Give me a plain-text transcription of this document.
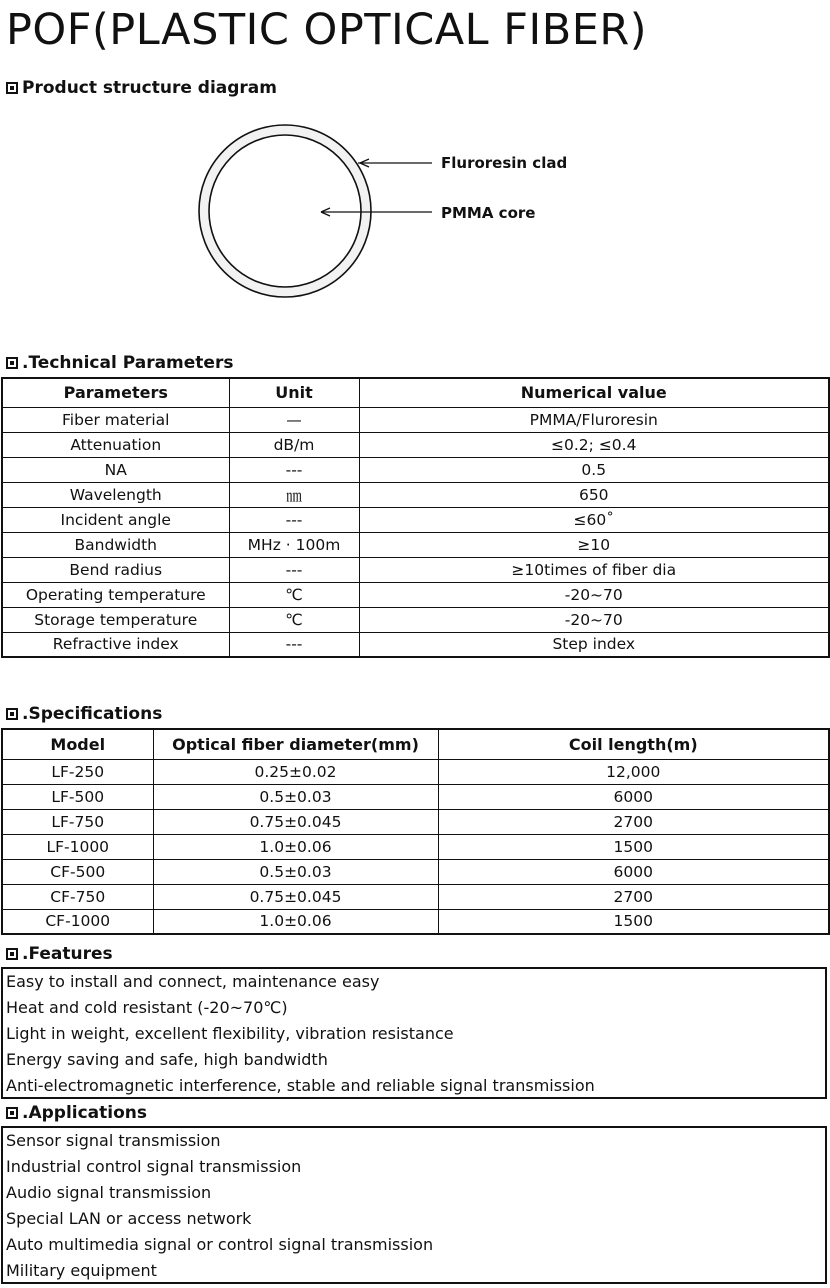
POF(PLASTIC OPTICAL FIBER)
Product structure diagram
Fluroresin clad
PMMA core
.Technical Parameters
Parameters	Unit	Numerical value
Fiber material	—	PMMA/Fluroresin
Attenuation	dB/m	≤0.2; ≤0.4
NA	---	0.5
Wavelength	㎚	650
Incident angle	---	≤60˚
Bandwidth	MHz · 100m	≥10
Bend radius	---	≥10times of fiber dia
Operating temperature	℃	-20~70
Storage temperature	℃	-20~70
Refractive index	---	Step index
.Specifications
Model	Optical fiber diameter(mm)	Coil length(m)
LF-250	0.25±0.02	12,000
LF-500	0.5±0.03	6000
LF-750	0.75±0.045	2700
LF-1000	1.0±0.06	1500
CF-500	0.5±0.03	6000
CF-750	0.75±0.045	2700
CF-1000	1.0±0.06	1500
.Features
Easy to install and connect, maintenance easy
Heat and cold resistant (-20~70℃)
Light in weight, excellent flexibility, vibration resistance
Energy saving and safe, high bandwidth
Anti-electromagnetic interference, stable and reliable signal transmission
.Applications
Sensor signal transmission
Industrial control signal transmission
Audio signal transmission
Special LAN or access network
Auto multimedia signal or control signal transmission
Military equipment
